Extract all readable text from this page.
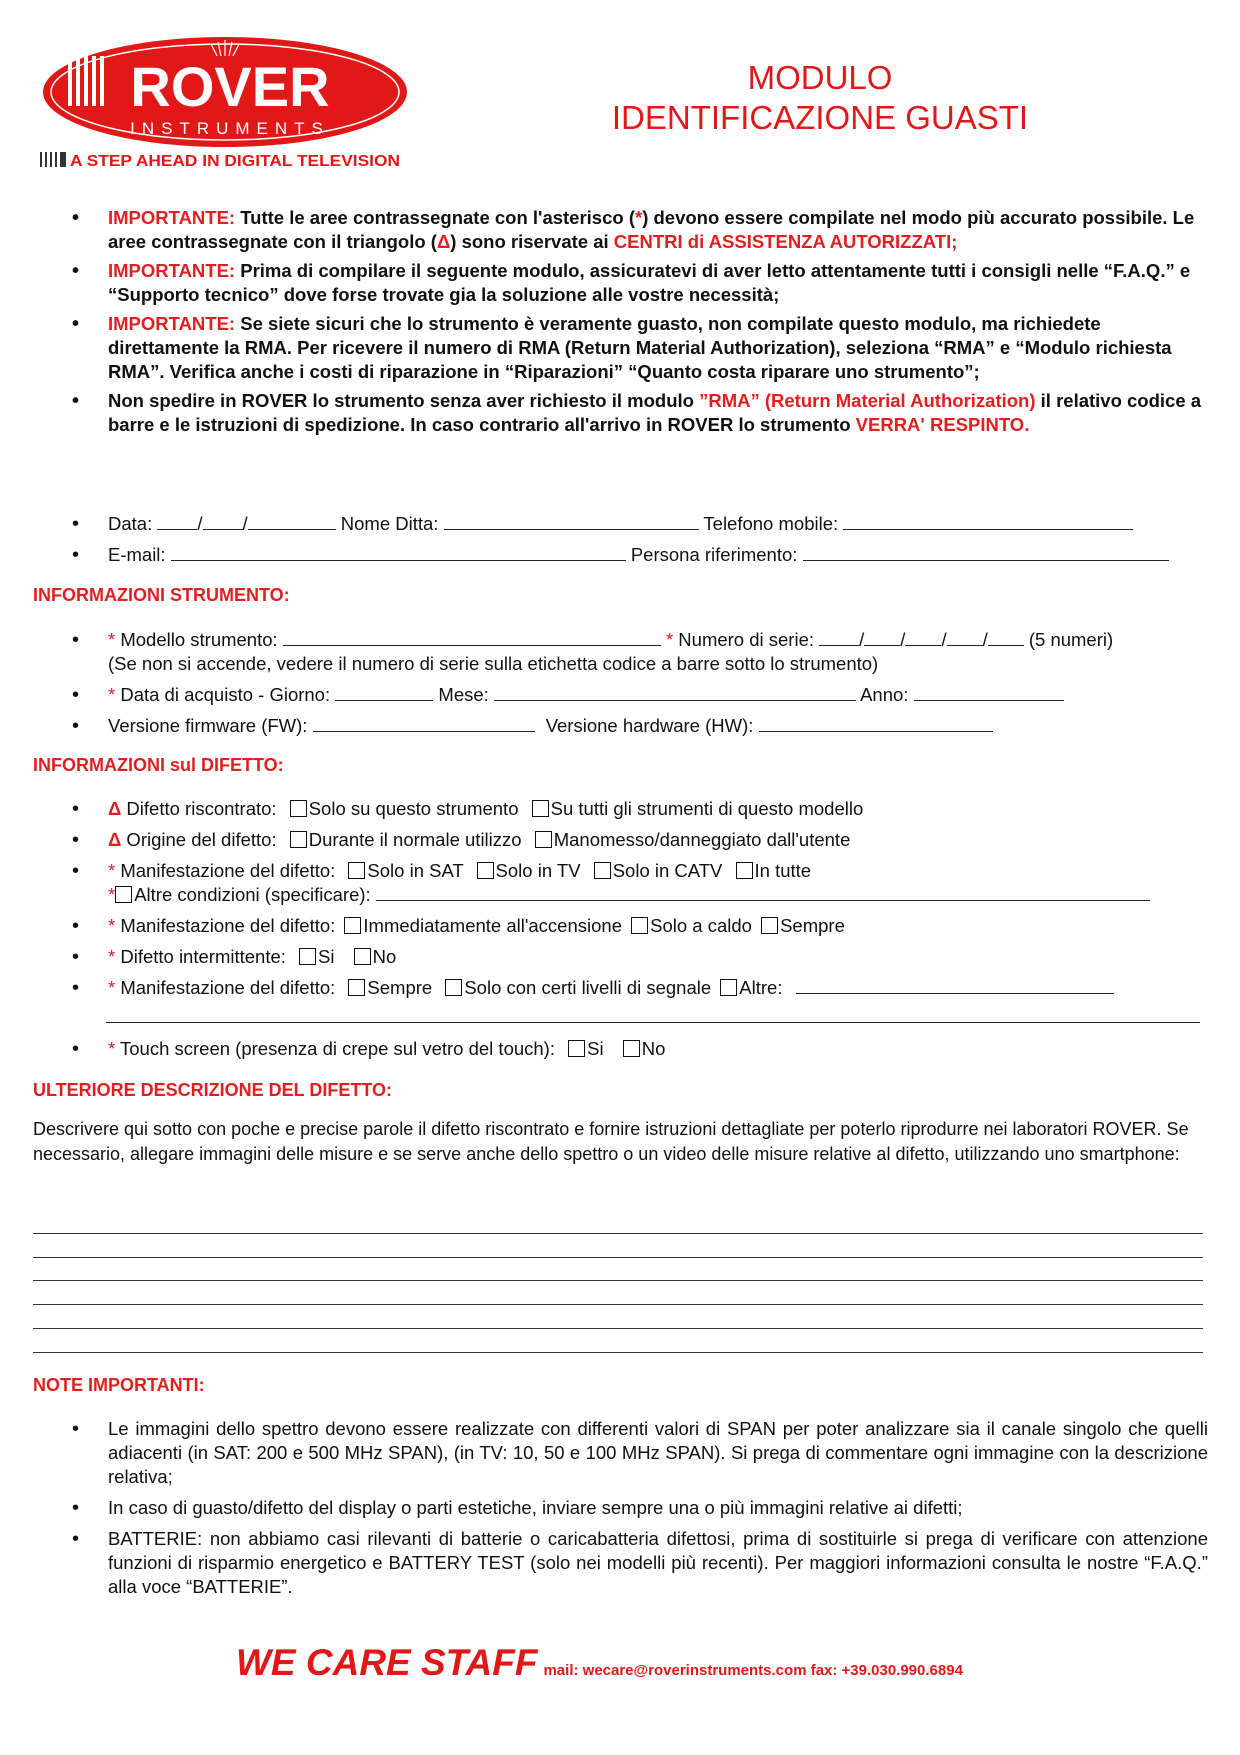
ROVER
INSTRUMENTS
A STEP AHEAD IN DIGITAL TELEVISION
MODULO
IDENTIFICAZIONE GUASTI
• IMPORTANTE: Tutte le aree contrassegnate con l'asterisco (*) devono essere compilate nel modo più accurato possibile. Le aree contrassegnate con il triangolo (Δ) sono riservate ai CENTRI di ASSISTENZA AUTORIZZATI;
• IMPORTANTE: Prima di compilare il seguente modulo, assicuratevi di aver letto attentamente tutti i consigli nelle “F.A.Q.” e “Supporto tecnico” dove forse trovate gia la soluzione alle vostre necessità;
• IMPORTANTE: Se siete sicuri che lo strumento è veramente guasto, non compilate questo modulo, ma richiedete direttamente la RMA. Per ricevere il numero di RMA (Return Material Authorization), seleziona “RMA” e “Modulo richiesta RMA”. Verifica anche i costi di riparazione in “Riparazioni” “Quanto costa riparare uno strumento”;
• Non spedire in ROVER lo strumento senza aver richiesto il modulo ”RMA” (Return Material Authorization) il relativo codice a barre e le istruzioni di spedizione. In caso contrario all'arrivo in ROVER lo strumento VERRA' RESPINTO.
• Data: / /	Nome Ditta:	Telefono mobile:
• E-mail:	Persona riferimento:
INFORMAZIONI STRUMENTO:
• * Modello strumento:	* Numero di serie: / / / / (5 numeri)
(Se non si accende, vedere il numero di serie sulla etichetta codice a barre sotto lo strumento)
• * Data di acquisto - Giorno:	Mese:	Anno:
• Versione firmware (FW):	Versione hardware (HW):
INFORMAZIONI sul DIFETTO:
• Δ Difetto riscontrato: Solo su questo strumento Su tutti gli strumenti di questo modello
• Δ Origine del difetto: Durante il normale utilizzo Manomesso/danneggiato dall'utente
• * Manifestazione del difetto: Solo in SAT Solo in TV Solo in CATV In tutte
* Altre condizioni (specificare):
• * Manifestazione del difetto: Immediatamente all'accensione Solo a caldo Sempre
• * Difetto intermittente: Si No
• * Manifestazione del difetto: Sempre Solo con certi livelli di segnale Altre:
• * Touch screen (presenza di crepe sul vetro del touch): Si No
ULTERIORE DESCRIZIONE DEL DIFETTO:
Descrivere qui sotto con poche e precise parole il difetto riscontrato e fornire istruzioni dettagliate per poterlo riprodurre nei laboratori ROVER. Se necessario, allegare immagini delle misure e se serve anche dello spettro o un video delle misure relative al difetto, utilizzando uno smartphone:
NOTE IMPORTANTI:
• Le immagini dello spettro devono essere realizzate con differenti valori di SPAN per poter analizzare sia il canale singolo che quelli adiacenti (in SAT: 200 e 500 MHz SPAN), (in TV: 10, 50 e 100 MHz SPAN). Si prega di commentare ogni immagine con la descrizione relativa;
• In caso di guasto/difetto del display o parti estetiche, inviare sempre una o più immagini relative ai difetti;
• BATTERIE: non abbiamo casi rilevanti di batterie o caricabatteria difettosi, prima di sostituirle si prega di verificare con attenzione funzioni di risparmio energetico e BATTERY TEST (solo nei modelli più recenti). Per maggiori informazioni consulta le nostre “F.A.Q.” alla voce “BATTERIE”.
WE CARE STAFF mail: wecare@roverinstruments.com fax: +39.030.990.6894
